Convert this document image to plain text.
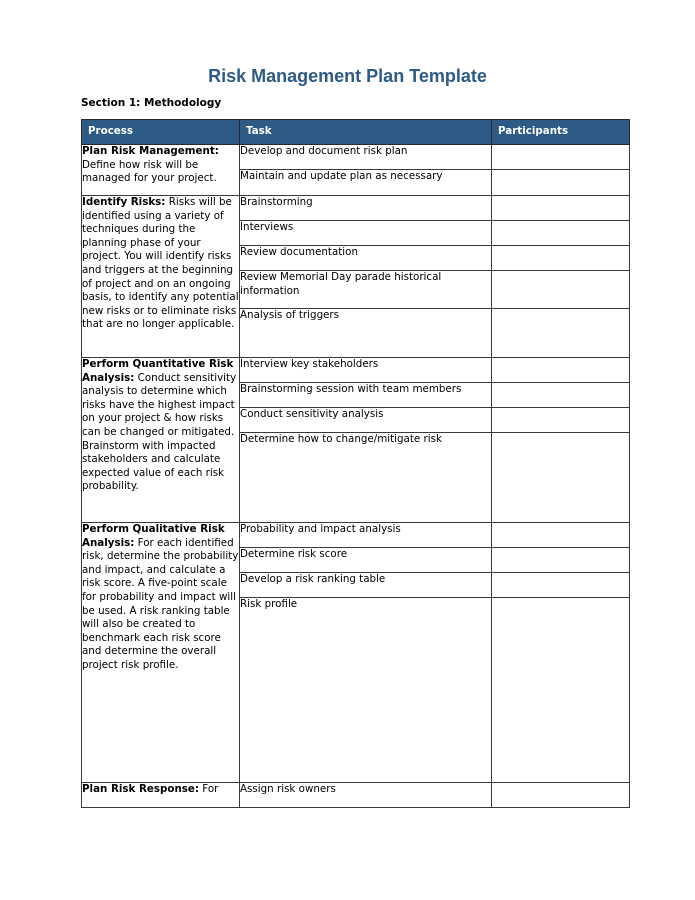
Risk Management Plan Template
Section 1: Methodology
Process	Task	Participants
Plan Risk Management: Define how risk will be managed for your project.	Develop and document risk plan	
	Maintain and update plan as necessary	
Identify Risks: Risks will be identified using a variety of techniques during the planning phase of your project. You will identify risks and triggers at the beginning of project and on an ongoing basis, to identify any potential new risks or to eliminate risks that are no longer applicable.	Brainstorming	
	Interviews	
	Review documentation	
	Review Memorial Day parade historical information	
	Analysis of triggers	
Perform Quantitative Risk Analysis: Conduct sensitivity analysis to determine which risks have the highest impact on your project & how risks can be changed or mitigated. Brainstorm with impacted stakeholders and calculate expected value of each risk probability.	Interview key stakeholders	
	Brainstorming session with team members	
	Conduct sensitivity analysis	
	Determine how to change/mitigate risk	
Perform Qualitative Risk Analysis: For each identified risk, determine the probability and impact, and calculate a risk score. A five-point scale for probability and impact will be used. A risk ranking table will also be created to benchmark each risk score and determine the overall project risk profile.	Probability and impact analysis	
	Determine risk score	
	Develop a risk ranking table	
	Risk profile	
Plan Risk Response: For	Assign risk owners	
